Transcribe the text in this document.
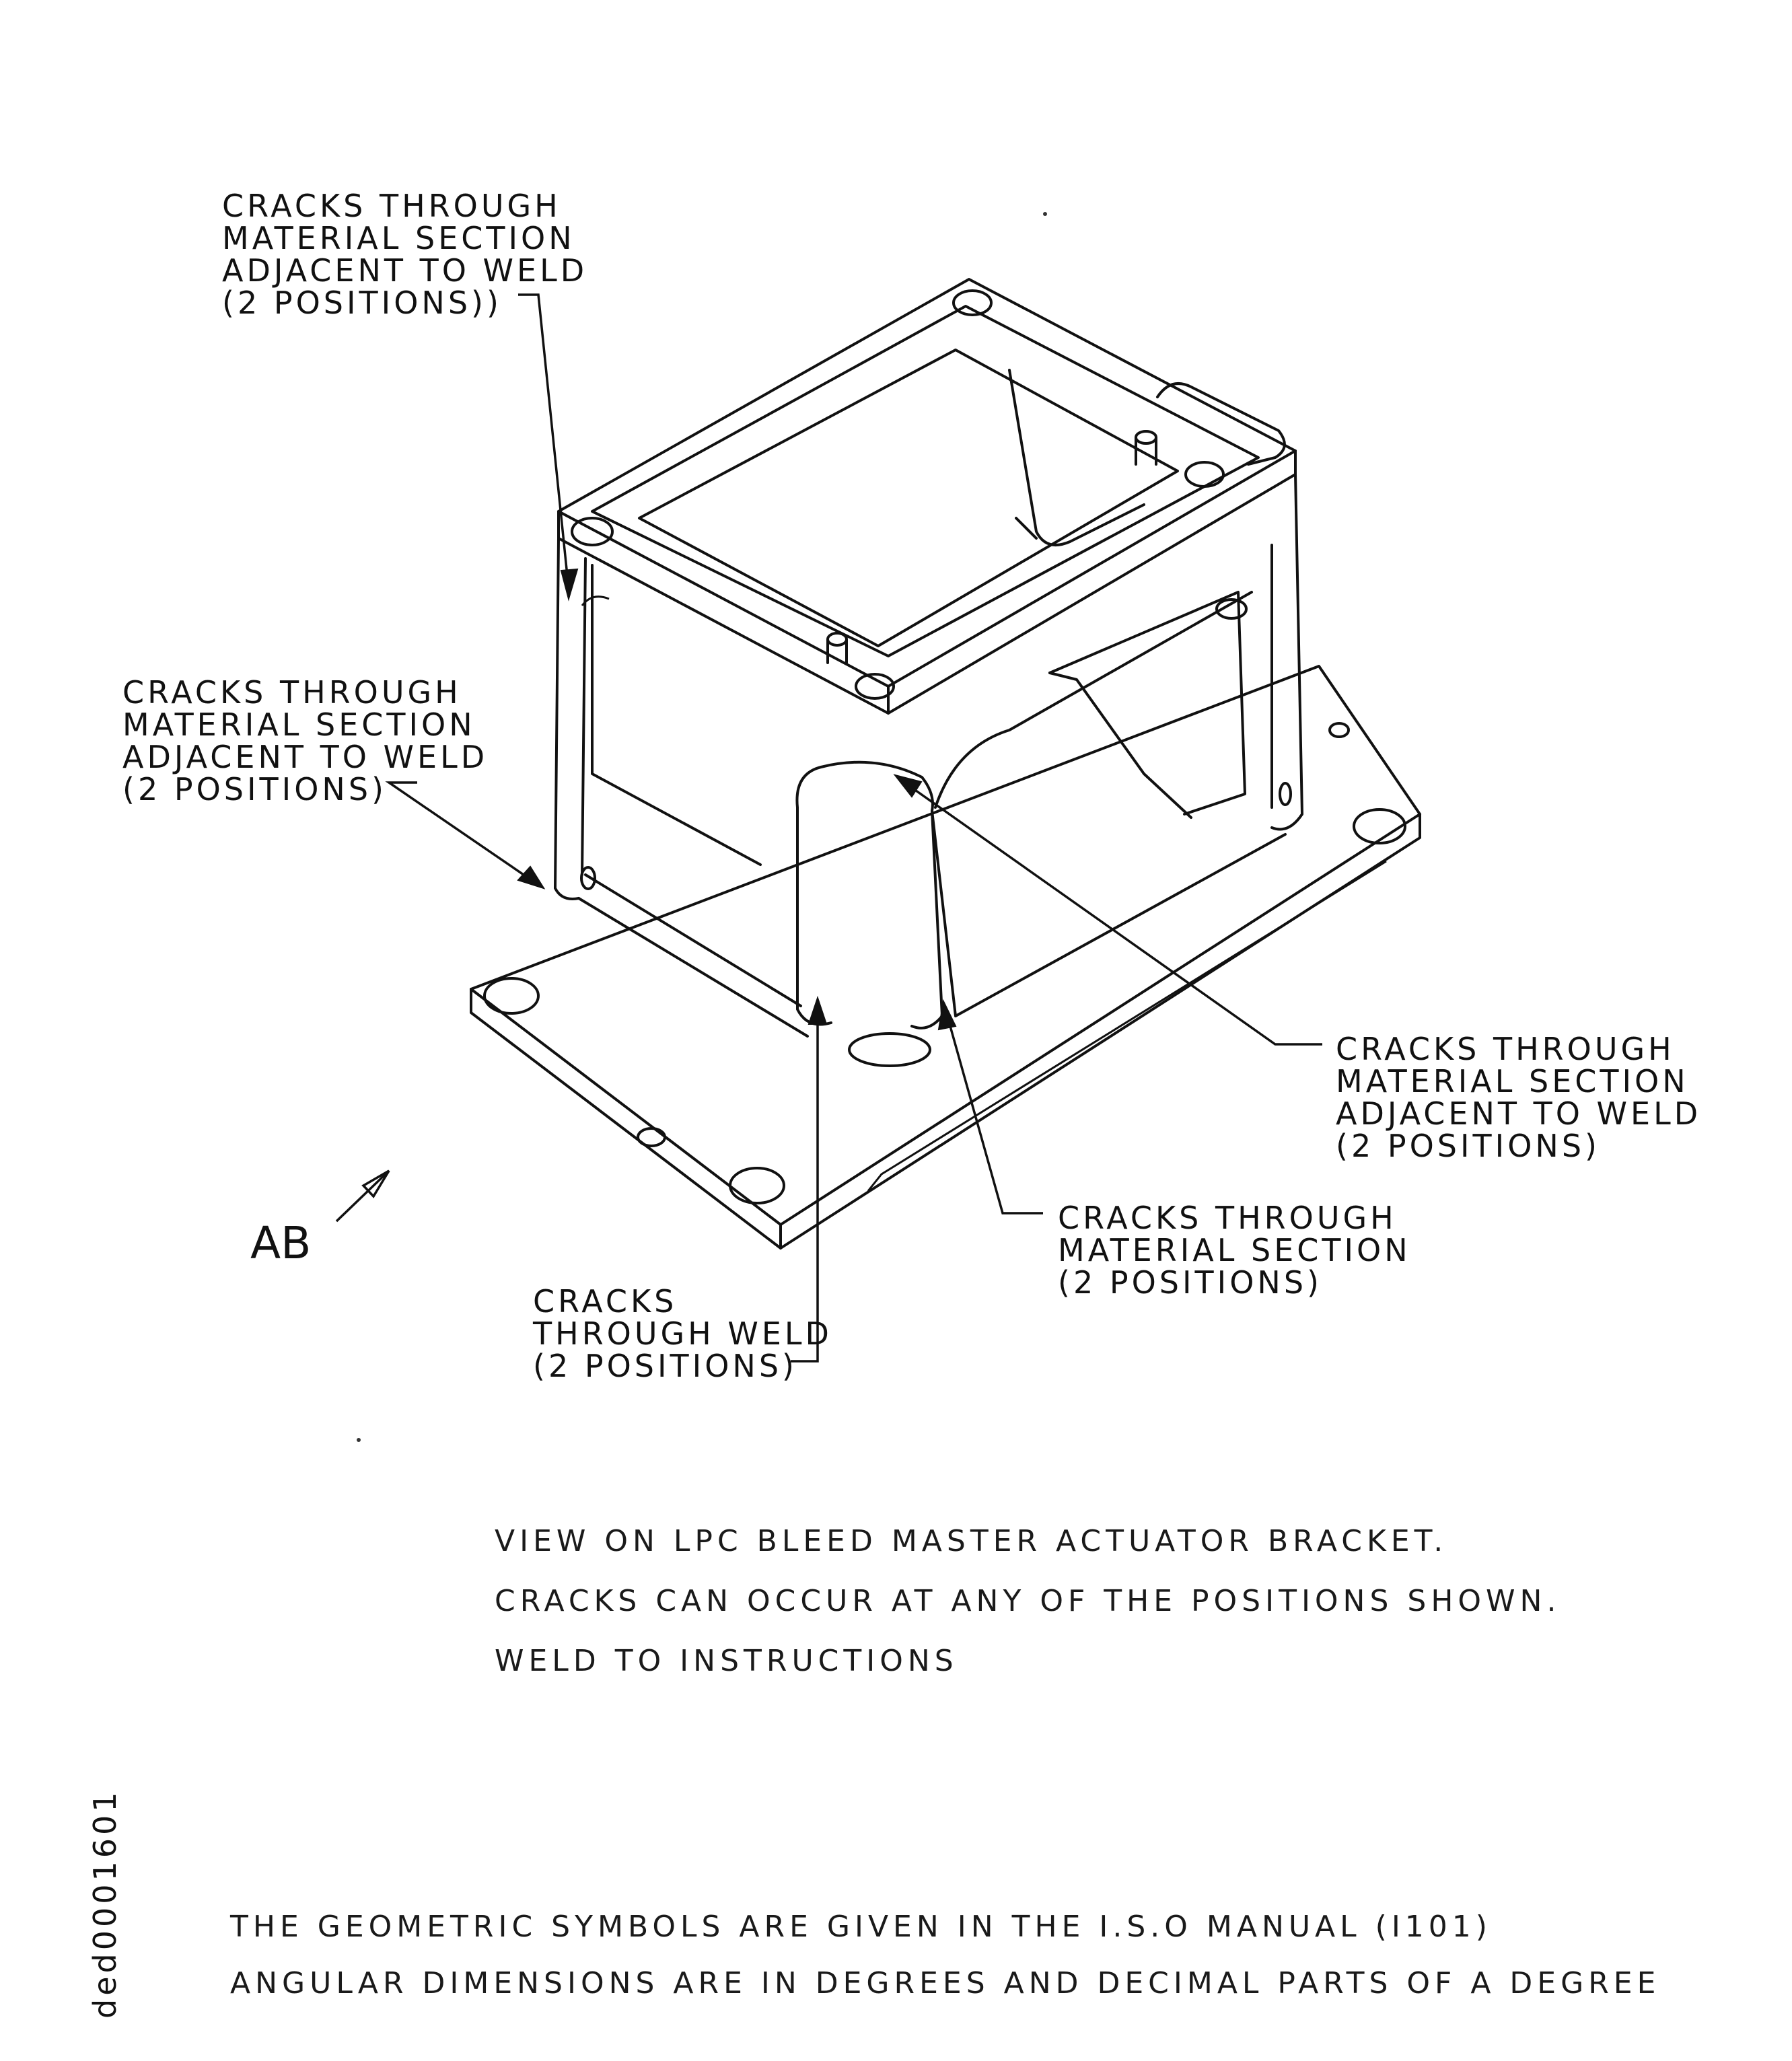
CRACKS THROUGH
MATERIAL SECTION
ADJACENT TO WELD
(2 POSITIONS))
CRACKS THROUGH
MATERIAL SECTION
ADJACENT TO WELD
(2 POSITIONS)
CRACKS THROUGH
MATERIAL SECTION
ADJACENT TO WELD
(2 POSITIONS)
CRACKS THROUGH
MATERIAL SECTION
(2 POSITIONS)
CRACKS
THROUGH WELD
(2 POSITIONS)
AB
VIEW ON LPC BLEED MASTER ACTUATOR BRACKET.
CRACKS CAN OCCUR AT ANY OF THE POSITIONS SHOWN.
WELD TO INSTRUCTIONS
THE GEOMETRIC SYMBOLS ARE GIVEN IN THE I.S.O MANUAL (I101)
ANGULAR DIMENSIONS ARE IN DEGREES AND DECIMAL PARTS OF A DEGREE
ded0001601
